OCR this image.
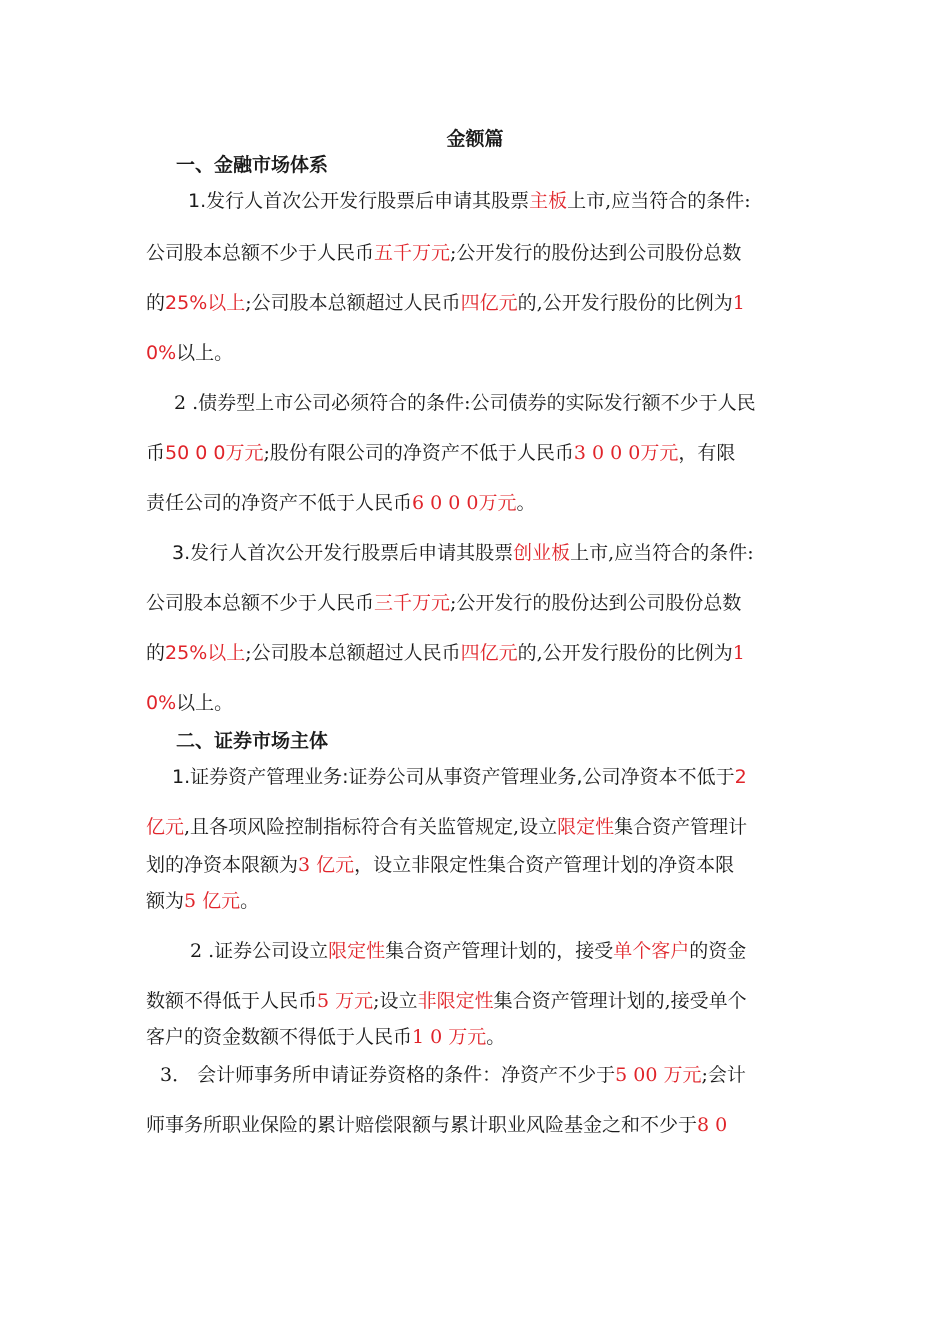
金额篇
一、金融市场体系
1.发行人首次公开发行股票后申请其股票主板上市,应当符合的条件:
公司股本总额不少于人民币五千万元;公开发行的股份达到公司股份总数
的25%以上;公司股本总额超过人民币四亿元的,公开发行股份的比例为1
0%以上。
2 .债券型上市公司必须符合的条件:公司债券的实际发行额不少于人民
币50 0 0万元;股份有限公司的净资产不低于人民币3 0 0 0万元，有限
责任公司的净资产不低于人民币6 0 0 0万元。
3.发行人首次公开发行股票后申请其股票创业板上市,应当符合的条件:
公司股本总额不少于人民币三千万元;公开发行的股份达到公司股份总数
的25%以上;公司股本总额超过人民币四亿元的,公开发行股份的比例为1
0%以上。
二、证券市场主体
1.证券资产管理业务:证券公司从事资产管理业务,公司净资本不低于2
亿元,且各项风险控制指标符合有关监管规定,设立限定性集合资产管理计
划的净资本限额为3 亿元，设立非限定性集合资产管理计划的净资本限
额为5 亿元。
2 .证券公司设立限定性集合资产管理计划的，接受单个客户的资金
数额不得低于人民币5 万元;设立非限定性集合资产管理计划的,接受单个
客户的资金数额不得低于人民币1 0 万元。
3． 会计师事务所申请证券资格的条件：净资产不少于5 00 万元;会计
师事务所职业保险的累计赔偿限额与累计职业风险基金之和不少于8 0
